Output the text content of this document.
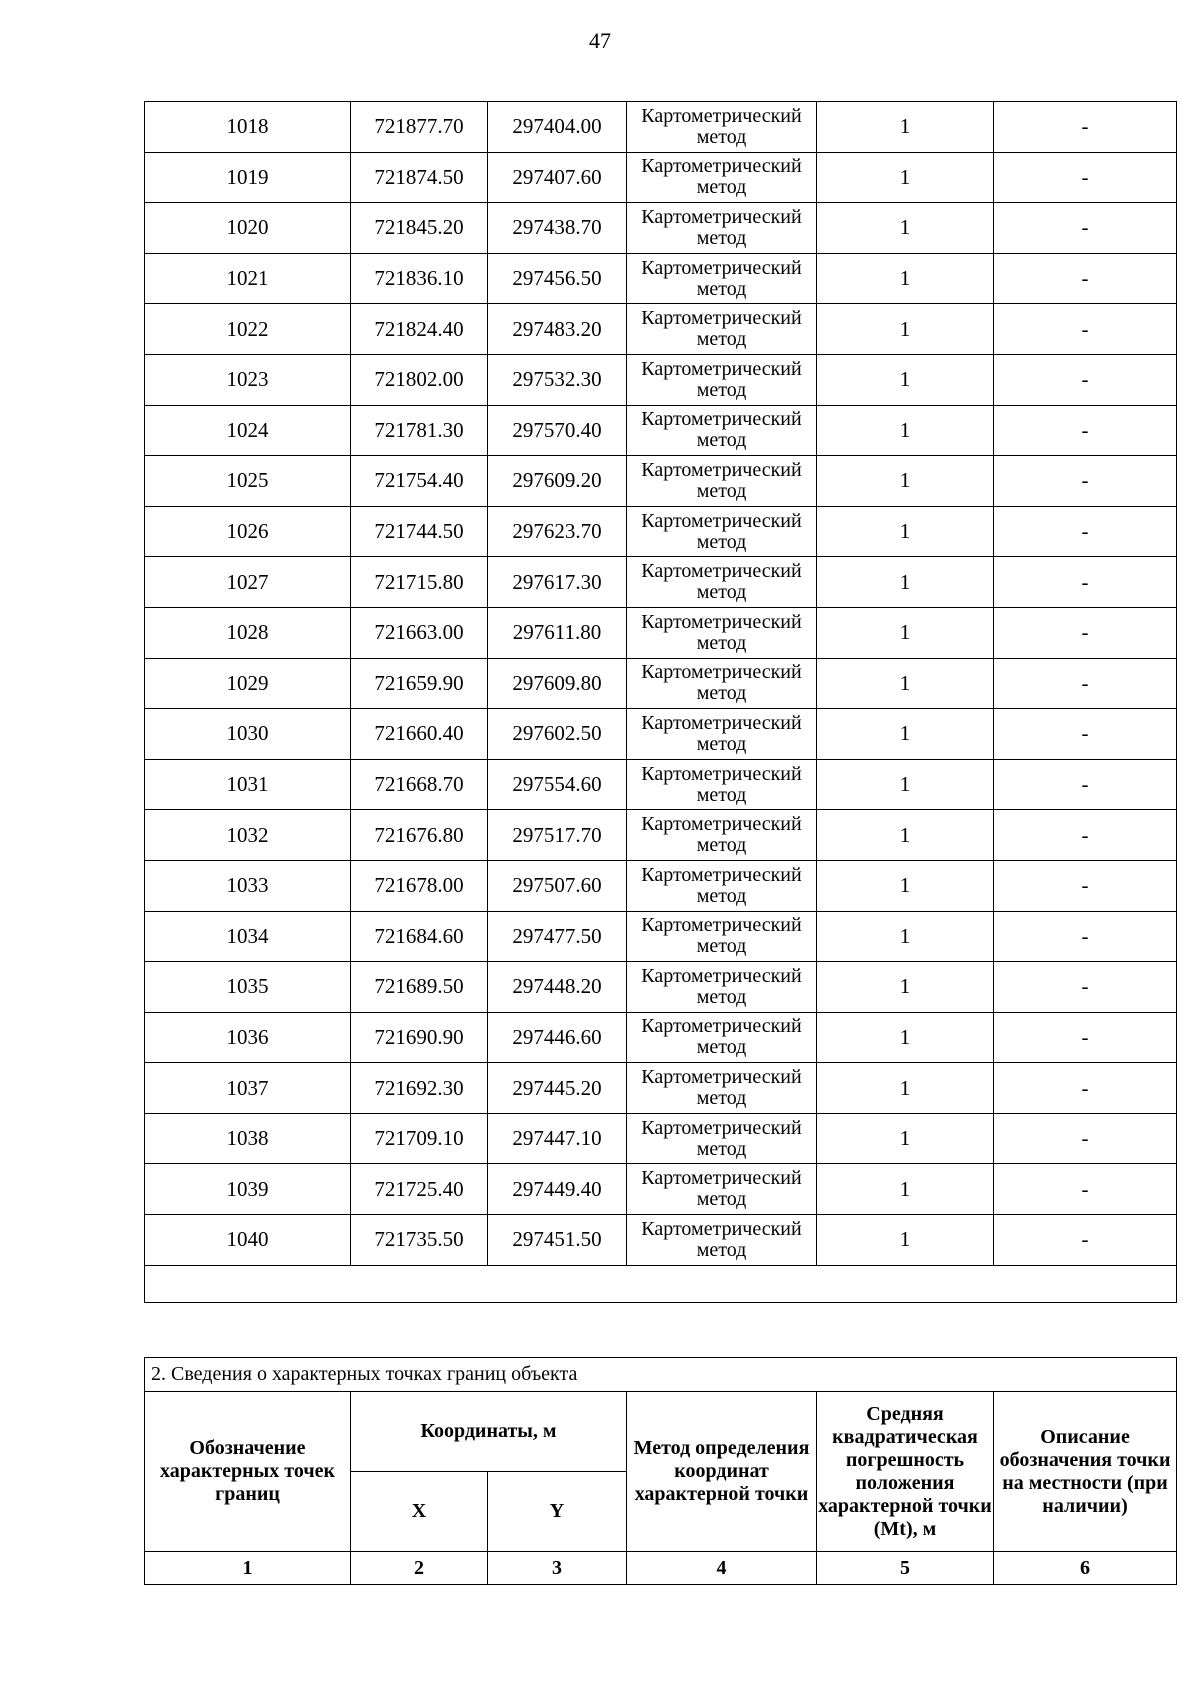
47
1018	721877.70	297404.00	Картометрический метод	1	-
1019	721874.50	297407.60	Картометрический метод	1	-
1020	721845.20	297438.70	Картометрический метод	1	-
1021	721836.10	297456.50	Картометрический метод	1	-
1022	721824.40	297483.20	Картометрический метод	1	-
1023	721802.00	297532.30	Картометрический метод	1	-
1024	721781.30	297570.40	Картометрический метод	1	-
1025	721754.40	297609.20	Картометрический метод	1	-
1026	721744.50	297623.70	Картометрический метод	1	-
1027	721715.80	297617.30	Картометрический метод	1	-
1028	721663.00	297611.80	Картометрический метод	1	-
1029	721659.90	297609.80	Картометрический метод	1	-
1030	721660.40	297602.50	Картометрический метод	1	-
1031	721668.70	297554.60	Картометрический метод	1	-
1032	721676.80	297517.70	Картометрический метод	1	-
1033	721678.00	297507.60	Картометрический метод	1	-
1034	721684.60	297477.50	Картометрический метод	1	-
1035	721689.50	297448.20	Картометрический метод	1	-
1036	721690.90	297446.60	Картометрический метод	1	-
1037	721692.30	297445.20	Картометрический метод	1	-
1038	721709.10	297447.10	Картометрический метод	1	-
1039	721725.40	297449.40	Картометрический метод	1	-
1040	721735.50	297451.50	Картометрический метод	1	-

2. Сведения о характерных точках границ объекта					
Обозначение характерных точек границ	Координаты, м		Метод определения координат характерной точки	Средняя квадратическая погрешность положения характерной точки (Mt), м	Описание обозначения точки на местности (при наличии)
	X	Y			
1	2	3	4	5	6
